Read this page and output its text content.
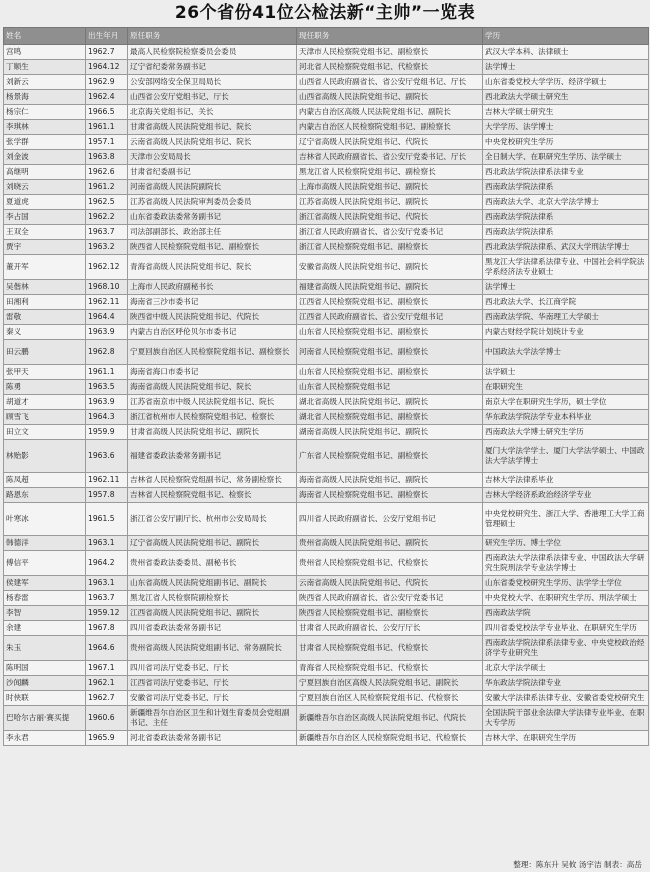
26个省份41位公检法新“主帅”一览表
姓名	出生年月	原任职务	现任职务	学历
宫鸣	1962.7	最高人民检察院检察委员会委员	天津市人民检察院党组书记、副检察长	武汉大学本科、法律硕士
丁顺生	1964.12	辽宁省纪委常务副书记	河北省人民检察院党组书记、代检察长	法学博士
刘新云	1962.9	公安部网络安全保卫局局长	山西省人民政府副省长、省公安厅党组书记、厅长	山东省委党校大学学历、经济学硕士
杨景海	1962.4	山西省公安厅党组书记、厅长	山西省高级人民法院党组书记、副院长	西北政法大学硕士研究生
杨宗仁	1966.5	北京海关党组书记、关长	内蒙古自治区高级人民法院党组书记、副院长	吉林大学硕士研究生
李琪林	1961.1	甘肃省高级人民法院党组书记、院长	内蒙古自治区人民检察院党组书记、副检察长	大学学历、法学博士
张学群	1957.1	云南省高级人民法院党组书记、院长	辽宁省高级人民法院党组书记、代院长	中央党校研究生学历
刘金波	1963.8	天津市公安局局长	吉林省人民政府副省长、省公安厅党委书记、厅长	全日制大学、在职研究生学历、法学硕士
高继明	1962.6	甘肃省纪委副书记	黑龙江省人民检察院党组书记、副检察长	西北政法学院法律系法律专业
刘晓云	1961.2	河南省高级人民法院副院长	上海市高级人民法院党组书记、副院长	西南政法学院法律系
夏道虎	1962.5	江苏省高级人民法院审判委员会委员	江苏省高级人民法院党组书记、副院长	西南政法大学、北京大学法学博士
李占国	1962.2	山东省委政法委常务副书记	浙江省高级人民法院党组书记、代院长	西南政法学院法律系
王双全	1963.7	司法部副部长、政治部主任	浙江省人民政府副省长、省公安厅党委书记	西南政法学院法律系
贾宇	1963.2	陕西省人民检察院党组书记、副检察长	浙江省人民检察院党组书记、副检察长	西北政法学院法律系、武汉大学刑法学博士
董开军	1962.12	青海省高级人民法院党组书记、院长	安徽省高级人民法院党组书记、副院长	黑龙江大学法律系法律专业、中国社会科学院法学系经济法专业硕士
吴偕林	1968.10	上海市人民政府副秘书长	福建省高级人民法院党组书记、副院长	法学博士
田湘利	1962.11	海南省三沙市委书记	江西省人民检察院党组书记、副检察长	西北政法大学、长江商学院
雷敬	1964.4	陕西省中级人民法院党组书记、代院长	江西省人民政府副省长、省公安厅党组书记	西南政法学院、华南理工大学硕士
秦义	1963.9	内蒙古自治区呼伦贝尔市委书记	山东省人民检察院党组书记、副检察长	内蒙古财经学院计划统计专业
田云鹏	1962.8	宁夏回族自治区人民检察院党组书记、副检察长	河南省人民检察院党组书记、副检察长	中国政法大学法学博士
张甲天	1961.1	海南省海口市委书记	山东省人民检察院党组书记、副检察长	法学硕士
陈勇	1963.5	海南省高级人民法院党组书记、院长	山东省人民检察院党组书记	在职研究生
胡道才	1963.9	江苏省南京市中级人民法院党组书记、院长	湖北省高级人民法院党组书记、副院长	南京大学在职研究生学历，硕士学位
顾雪飞	1964.3	浙江省杭州市人民检察院党组书记、检察长	湖北省人民检察院党组书记、副检察长	华东政法学院法学专业本科毕业
田立文	1959.9	甘肃省高级人民法院党组书记、副院长	湖南省高级人民法院党组书记、副院长	西南政法大学博士研究生学历
林贻影	1963.6	福建省委政法委常务副书记	广东省人民检察院党组书记、副检察长	厦门大学法学学士、厦门大学法学硕士、中国政法大学法学博士
陈凤超	1962.11	吉林省人民检察院党组副书记、常务副检察长	海南省高级人民法院党组书记、副院长	吉林大学法律系毕业
路恩东	1957.8	吉林省人民检察院党组书记、检察长	海南省人民检察院党组书记、副检察长	吉林大学经济系政治经济学专业
叶寒冰	1961.5	浙江省公安厅副厅长、杭州市公安局局长	四川省人民政府副省长、公安厅党组书记	中央党校研究生、浙江大学、香港理工大学工商管理硕士
韩德洋	1963.1	辽宁省高级人民法院党组书记、副院长	贵州省高级人民法院党组书记、副院长	研究生学历、博士学位
傅信平	1964.2	贵州省委政法委委员、副秘书长	贵州省人民检察院党组书记、代检察长	西南政法大学法律系法律专业、中国政法大学研究生院刑法学专业法学博士
侯建军	1963.1	山东省高级人民法院党组副书记、副院长	云南省高级人民法院党组书记、代院长	山东省委党校研究生学历、法学学士学位
杨春雷	1963.7	黑龙江省人民检察院副检察长	陕西省人民政府副省长、省公安厅党委书记	中央党校大学、在职研究生学历、刑法学硕士
李智	1959.12	江西省高级人民法院党组书记、副院长	陕西省人民检察院党组书记、副检察长	西南政法学院
余建	1967.8	四川省委政法委常务副书记	甘肃省人民政府副省长、公安厅厅长	四川省委党校法学专业毕业、在职研究生学历
朱玉	1964.6	贵州省高级人民法院党组副书记、常务副院长	甘肃省人民检察院党组书记、代检察长	西南政法学院法律系法律专业、中央党校政治经济学专业研究生
陈明国	1967.1	四川省司法厅党委书记、厅长	青海省人民检察院党组书记、代检察长	北京大学法学硕士
沙闻麟	1962.1	江西省司法厅党委书记、厅长	宁夏回族自治区高级人民法院党组书记、副院长	华东政法学院法律专业
时侠联	1962.7	安徽省司法厅党委书记、厅长	宁夏回族自治区人民检察院党组书记、代检察长	安徽大学法律系法律专业、安徽省委党校研究生
巴哈尔古丽·赛买提	1960.6	新疆维吾尔自治区卫生和计划生育委员会党组副书记、主任	新疆维吾尔自治区高级人民法院党组书记、代院长	全国法院干部业余法律大学法律专业毕业、在职大专学历
李永君	1965.9	河北省委政法委常务副书记	新疆维吾尔自治区人民检察院党组书记、代检察长	吉林大学、在职研究生学历
整理：陈东升 吴攸 汤宇洁 制表：高岳
